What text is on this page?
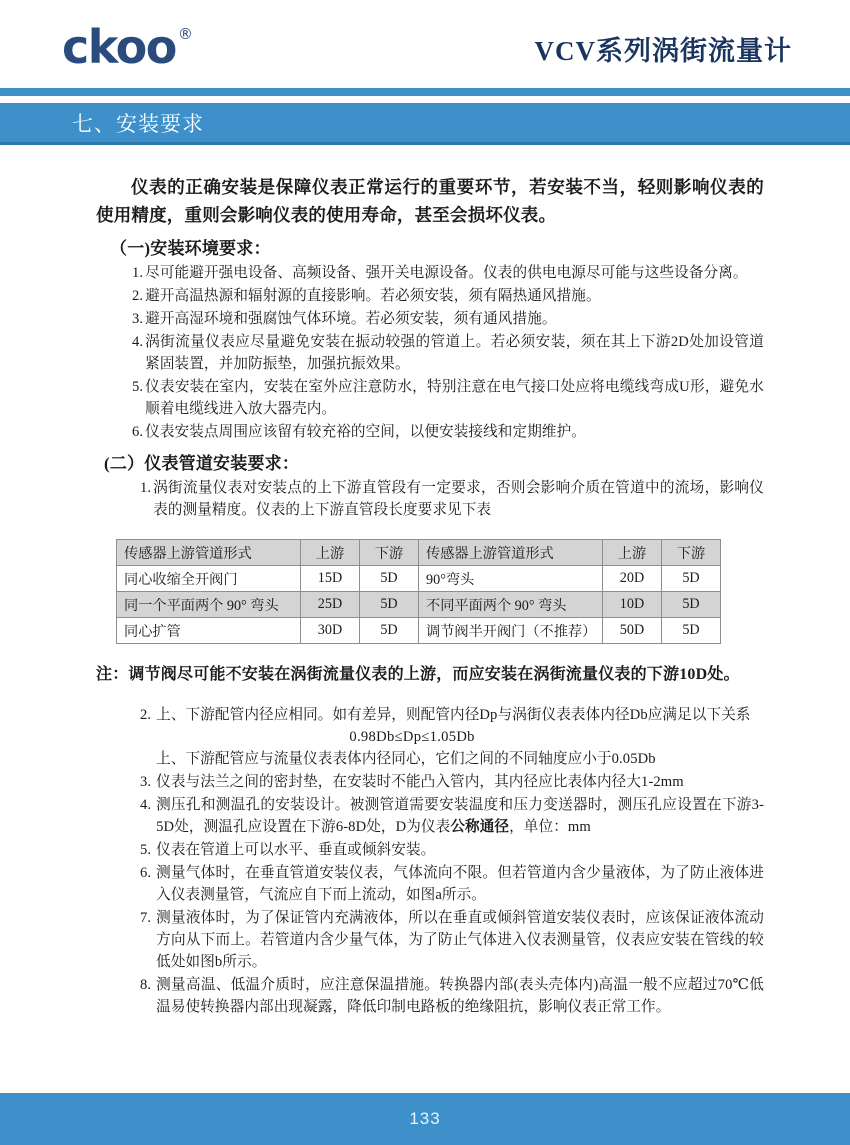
ckoo ®
VCV系列涡街流量计
七、安装要求

仪表的正确安装是保障仪表正常运行的重要环节，若安装不当，轻则影响仪表的使用精度，重则会影响仪表的使用寿命，甚至会损坏仪表。

（一)安装环境要求：
1. 尽可能避开强电设备、高频设备、强开关电源设备。仪表的供电电源尽可能与这些设备分离。
2. 避开高温热源和辐射源的直接影响。若必须安装，须有隔热通风措施。
3. 避开高湿环境和强腐蚀气体环境。若必须安装，须有通风措施。
4. 涡街流量仪表应尽量避免安装在振动较强的管道上。若必须安装，须在其上下游2D处加设管道紧固装置，并加防振垫，加强抗振效果。
5. 仪表安装在室内，安装在室外应注意防水，特别注意在电气接口处应将电缆线弯成U形，避免水顺着电缆线进入放大器壳内。
6. 仪表安装点周围应该留有较充裕的空间，以便安装接线和定期维护。
(二）仪表管道安装要求：
1. 涡街流量仪表对安装点的上下游直管段有一定要求，否则会影响介质在管道中的流场，影响仪表的测量精度。仪表的上下游直管段长度要求见下表
传感器上游管道形式	上游	下游	传感器上游管道形式	上游	下游
同心收缩全开阀门	15D	5D	90°弯头	20D	5D
同一个平面两个 90° 弯头	25D	5D	不同平面两个 90° 弯头	10D	5D
同心扩管	30D	5D	调节阀半开阀门（不推荐）	50D	5D
注：调节阀尽可能不安装在涡街流量仪表的上游，而应安装在涡街流量仪表的下游10D处。
2. 上、下游配管内径应相同。如有差异，则配管内径Dp与涡街仪表表体内径Db应满足以下关系
0.98Db≤Dp≤1.05Db
上、下游配管应与流量仪表表体内径同心，它们之间的不同轴度应小于0.05Db
3. 仪表与法兰之间的密封垫，在安装时不能凸入管内，其内径应比表体内径大1-2mm
4. 测压孔和测温孔的安装设计。被测管道需要安装温度和压力变送器时，测压孔应设置在下游3-5D处，测温孔应设置在下游6-8D处，D为仪表公称通径，单位：mm
5. 仪表在管道上可以水平、垂直或倾斜安装。
6. 测量气体时，在垂直管道安装仪表，气体流向不限。但若管道内含少量液体，为了防止液体进入仪表测量管，气流应自下而上流动，如图a所示。
7. 测量液体时，为了保证管内充满液体，所以在垂直或倾斜管道安装仪表时，应该保证液体流动方向从下而上。若管道内含少量气体，为了防止气体进入仪表测量管，仪表应安装在管线的较低处如图b所示。
8. 测量高温、低温介质时，应注意保温措施。转换器内部(表头壳体内)高温一般不应超过70℃低温易使转换器内部出现凝露，降低印制电路板的绝缘阻抗，影响仪表正常工作。
133
